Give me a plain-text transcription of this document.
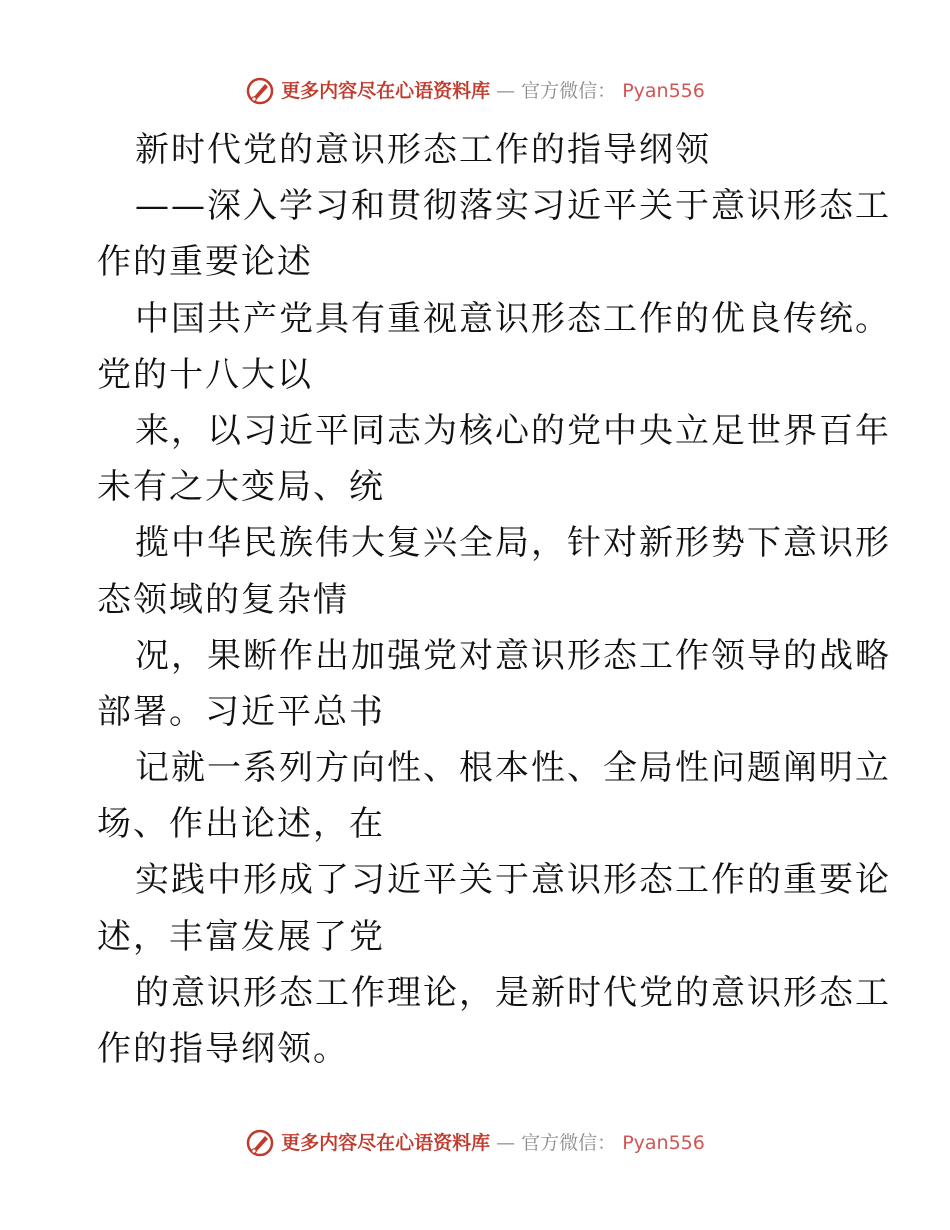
更多内容尽在心语资料库 — 官方微信： Pyan556
新时代党的意识形态工作的指导纲领
——深入学习和贯彻落实习近平关于意识形态工
作的重要论述
中国共产党具有重视意识形态工作的优良传统。
党的十八大以
来，以习近平同志为核心的党中央立足世界百年
未有之大变局、统
揽中华民族伟大复兴全局，针对新形势下意识形
态领域的复杂情
况，果断作出加强党对意识形态工作领导的战略
部署。习近平总书
记就一系列方向性、根本性、全局性问题阐明立
场、作出论述，在
实践中形成了习近平关于意识形态工作的重要论
述，丰富发展了党
的意识形态工作理论，是新时代党的意识形态工
作的指导纲领。
更多内容尽在心语资料库 — 官方微信： Pyan556
